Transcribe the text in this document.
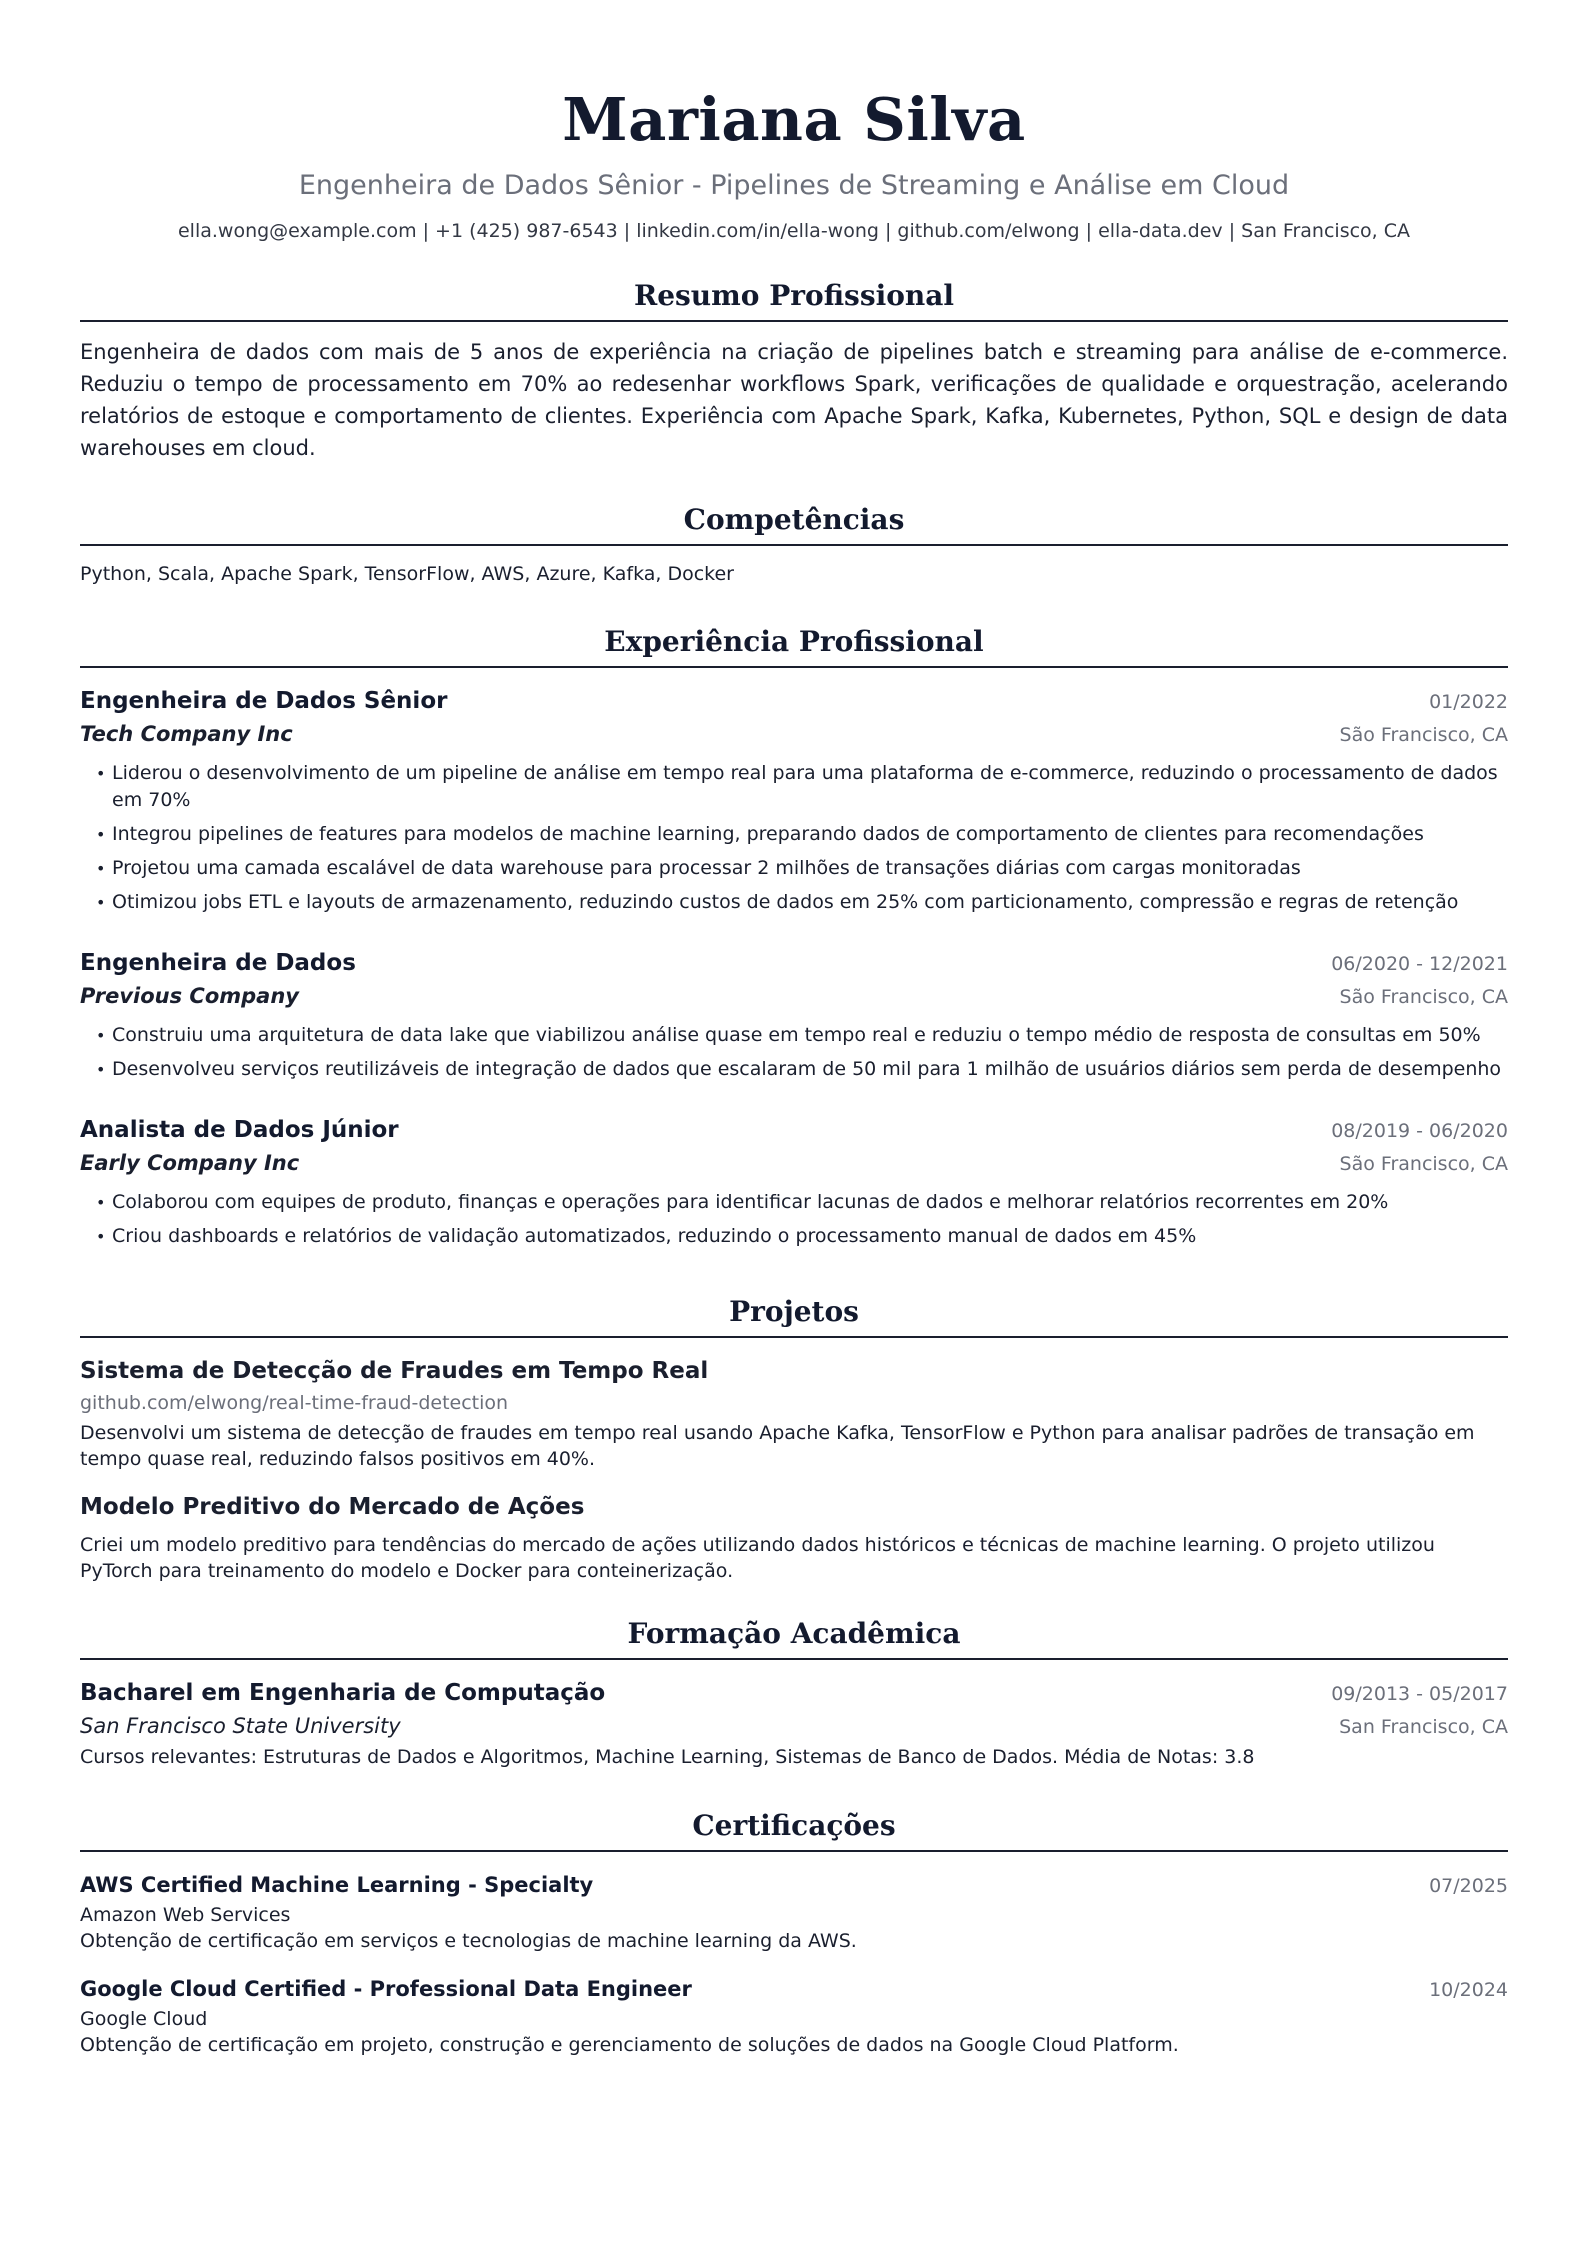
Mariana Silva
Engenheira de Dados Sênior - Pipelines de Streaming e Análise em Cloud
ella.wong@example.com | +1 (425) 987-6543 | linkedin.com/in/ella-wong | github.com/elwong | ella-data.dev | San Francisco, CA
Resumo Profissional
Engenheira de dados com mais de 5 anos de experiência na criação de pipelines batch e streaming para análise de e-commerce. Reduziu o tempo de processamento em 70% ao redesenhar workflows Spark, verificações de qualidade e orquestração, acelerando relatórios de estoque e comportamento de clientes. Experiência com Apache Spark, Kafka, Kubernetes, Python, SQL e design de data warehouses em cloud.
Competências
Python, Scala, Apache Spark, TensorFlow, AWS, Azure, Kafka, Docker
Experiência Profissional
Engenheira de Dados Sênior	01/2022
Tech Company Inc	São Francisco, CA
• Liderou o desenvolvimento de um pipeline de análise em tempo real para uma plataforma de e-commerce, reduzindo o processamento de dados em 70%
• Integrou pipelines de features para modelos de machine learning, preparando dados de comportamento de clientes para recomendações
• Projetou uma camada escalável de data warehouse para processar 2 milhões de transações diárias com cargas monitoradas
• Otimizou jobs ETL e layouts de armazenamento, reduzindo custos de dados em 25% com particionamento, compressão e regras de retenção
Engenheira de Dados	06/2020 - 12/2021
Previous Company	São Francisco, CA
• Construiu uma arquitetura de data lake que viabilizou análise quase em tempo real e reduziu o tempo médio de resposta de consultas em 50%
• Desenvolveu serviços reutilizáveis de integração de dados que escalaram de 50 mil para 1 milhão de usuários diários sem perda de desempenho
Analista de Dados Júnior	08/2019 - 06/2020
Early Company Inc	São Francisco, CA
• Colaborou com equipes de produto, finanças e operações para identificar lacunas de dados e melhorar relatórios recorrentes em 20%
• Criou dashboards e relatórios de validação automatizados, reduzindo o processamento manual de dados em 45%
Projetos
Sistema de Detecção de Fraudes em Tempo Real
github.com/elwong/real-time-fraud-detection
Desenvolvi um sistema de detecção de fraudes em tempo real usando Apache Kafka, TensorFlow e Python para analisar padrões de transação em tempo quase real, reduzindo falsos positivos em 40%.
Modelo Preditivo do Mercado de Ações
Criei um modelo preditivo para tendências do mercado de ações utilizando dados históricos e técnicas de machine learning. O projeto utilizou PyTorch para treinamento do modelo e Docker para conteinerização.
Formação Acadêmica
Bacharel em Engenharia de Computação	09/2013 - 05/2017
San Francisco State University	San Francisco, CA
Cursos relevantes: Estruturas de Dados e Algoritmos, Machine Learning, Sistemas de Banco de Dados. Média de Notas: 3.8
Certificações
AWS Certified Machine Learning - Specialty	07/2025
Amazon Web Services
Obtenção de certificação em serviços e tecnologias de machine learning da AWS.
Google Cloud Certified - Professional Data Engineer	10/2024
Google Cloud
Obtenção de certificação em projeto, construção e gerenciamento de soluções de dados na Google Cloud Platform.
